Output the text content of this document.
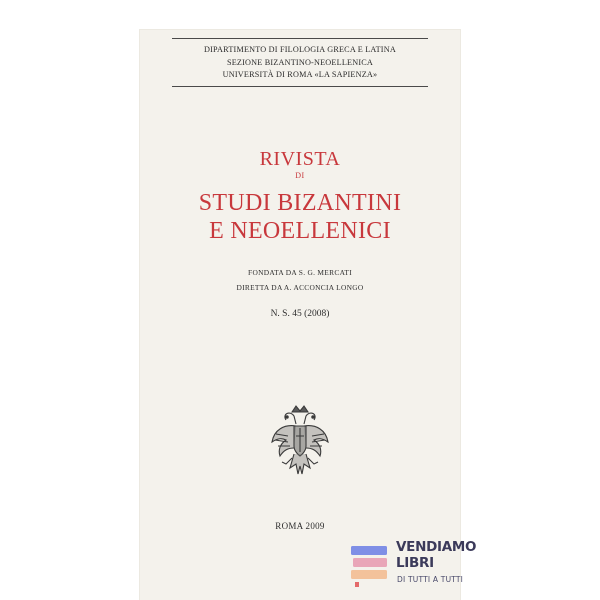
DIPARTIMENTO DI FILOLOGIA GRECA E LATINA
SEZIONE BIZANTINO-NEOELLENICA
UNIVERSITÀ DI ROMA «LA SAPIENZA»
RIVISTA
DI
STUDI BIZANTINI
E NEOELLENICI
FONDATA DA S. G. MERCATI
DIRETTA DA A. ACCONCIA LONGO
N. S. 45 (2008)
ROMA 2009
VENDIAMO
LIBRI
DI TUTTI A TUTTI
